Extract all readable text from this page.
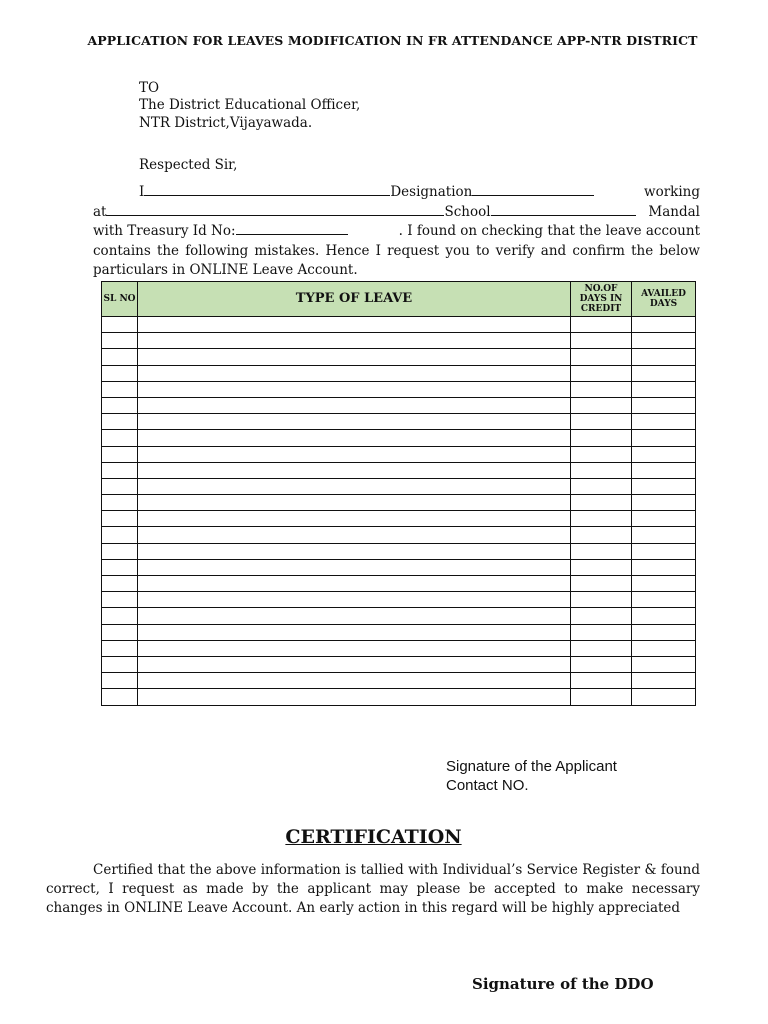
APPLICATION FOR LEAVES MODIFICATION IN FR ATTENDANCE APP-NTR DISTRICT
TO
The District Educational Officer,
NTR District,Vijayawada.
Respected Sir,
I	Designation	working
at	School	Mandal
with Treasury Id No:	. I found on checking that the leave account
contains the following mistakes. Hence I request you to verify and confirm the below
particulars in ONLINE Leave Account.
SL NO	TYPE OF LEAVE	NO.OF DAYS IN CREDIT	AVAILED DAYS

Signature of the Applicant
Contact NO.
CERTIFICATION
Certified that the above information is tallied with Individual’s Service Register & found correct, I request as made by the applicant may please be accepted to make necessary changes in ONLINE Leave Account. An early action in this regard will be highly appreciated
Signature of the DDO
